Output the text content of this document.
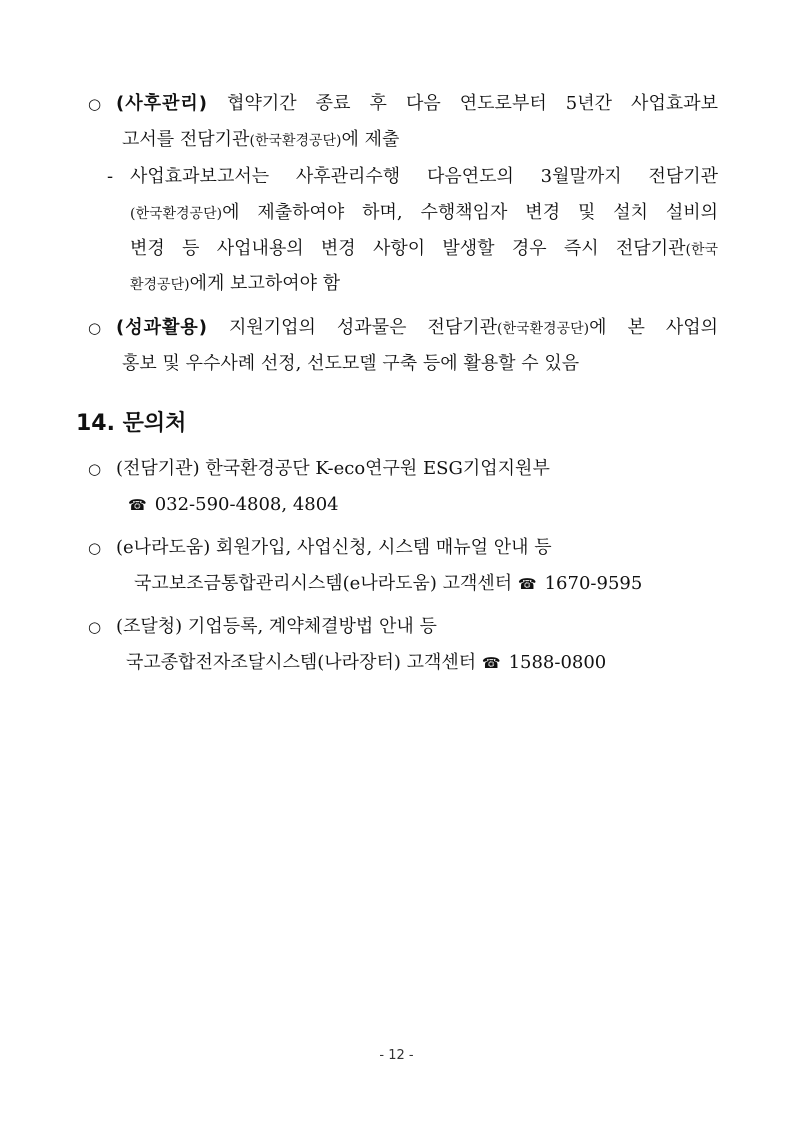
○ (사후관리) 협약기간 종료 후 다음 연도로부터 5년간 사업효과보
고서를 전담기관(한국환경공단)에 제출
- 사업효과보고서는 사후관리수행 다음연도의 3월말까지 전담기관
(한국환경공단)에 제출하여야 하며, 수행책임자 변경 및 설치 설비의
변경 등 사업내용의 변경 사항이 발생할 경우 즉시 전담기관(한국
환경공단)에게 보고하여야 함
○ (성과활용) 지원기업의 성과물은 전담기관(한국환경공단)에 본 사업의
홍보 및 우수사례 선정, 선도모델 구축 등에 활용할 수 있음
14. 문의처
○ (전담기관) 한국환경공단 K-eco연구원 ESG기업지원부
☎ 032-590-4808, 4804
○ (e나라도움) 회원가입, 사업신청, 시스템 매뉴얼 안내 등
국고보조금통합관리시스템(e나라도움) 고객센터 ☎ 1670-9595
○ (조달청) 기업등록, 계약체결방법 안내 등
국고종합전자조달시스템(나라장터) 고객센터 ☎ 1588-0800
- 12 -
